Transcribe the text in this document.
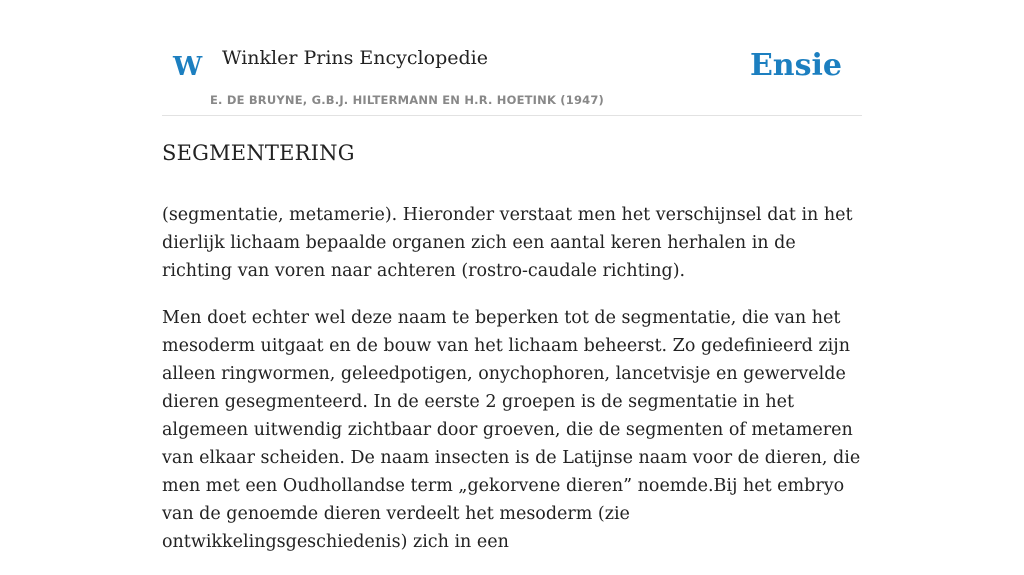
W Winkler Prins Encyclopedie
E. DE BRUYNE, G.B.J. HILTERMANN EN H.R. HOETINK (1947)
Ensie
SEGMENTERING

(segmentatie, metamerie). Hieronder verstaat men het verschijnsel dat in het dierlijk lichaam bepaalde organen zich een aantal keren herhalen in de richting van voren naar achteren (rostro-caudale richting).

Men doet echter wel deze naam te beperken tot de segmentatie, die van het mesoderm uitgaat en de bouw van het lichaam beheerst. Zo gedefinieerd zijn alleen ringwormen, geleedpotigen, onychophoren, lancetvisje en gewervelde dieren gesegmenteerd. In de eerste 2 groepen is de segmentatie in het algemeen uitwendig zichtbaar door groeven, die de segmenten of metameren van elkaar scheiden. De naam insecten is de Latijnse naam voor de dieren, die men met een Oudhollandse term „gekorvene dieren” noemde.Bij het embryo van de genoemde dieren verdeelt het mesoderm (zie ontwikkelingsgeschiedenis) zich in een
